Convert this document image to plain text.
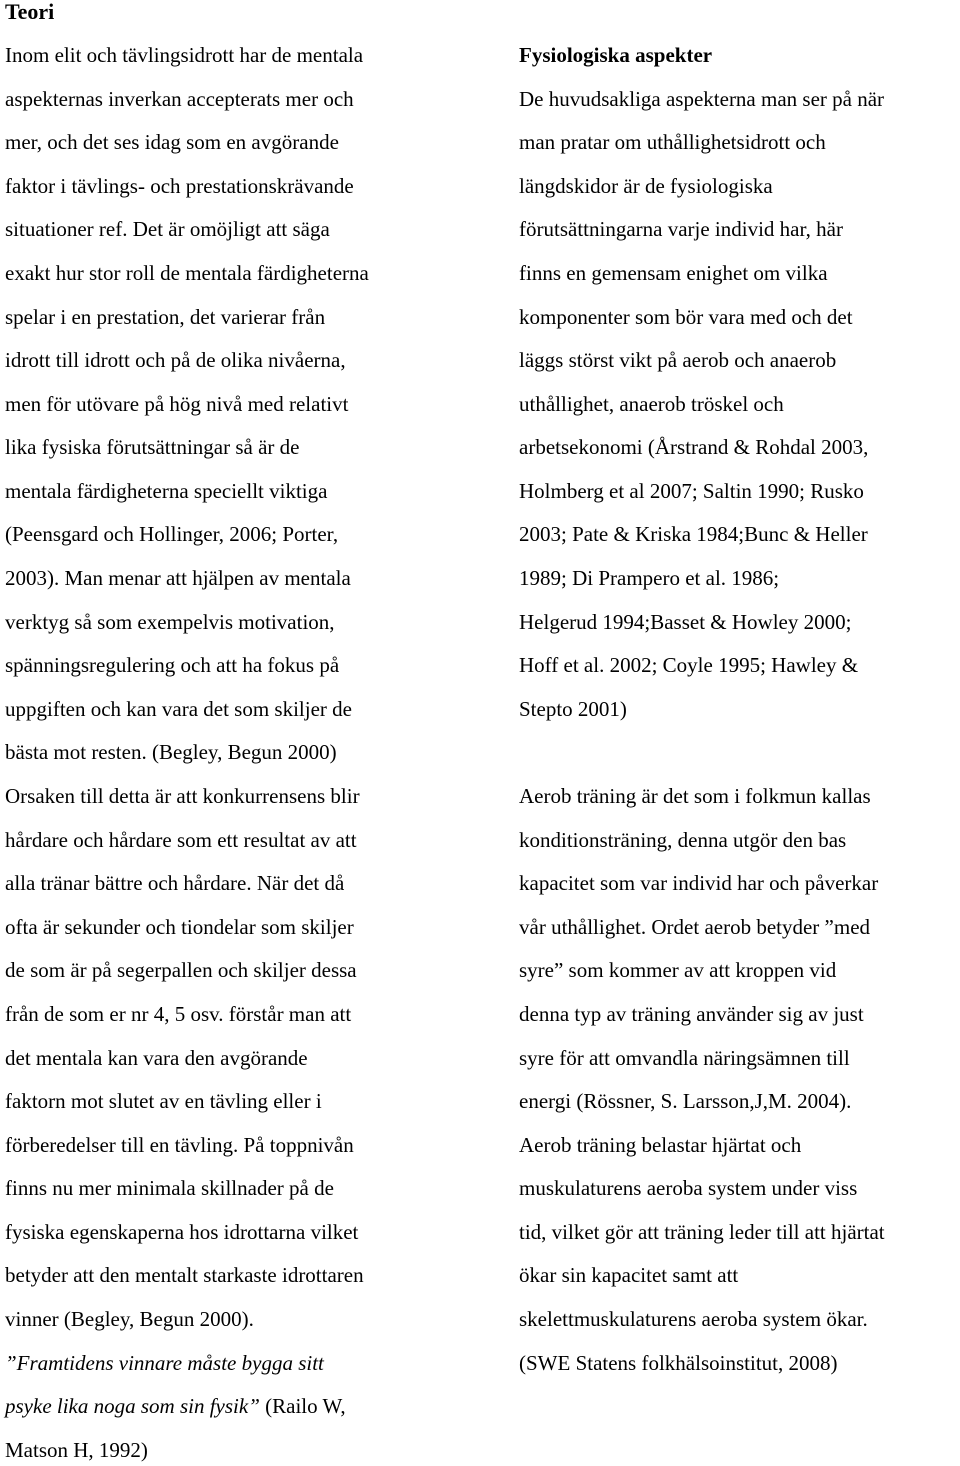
Teori
Inom elit och tävlingsidrott har de mentala
aspekternas inverkan accepterats mer och
mer, och det ses idag som en avgörande
faktor i tävlings- och prestationskrävande
situationer ref. Det är omöjligt att säga
exakt hur stor roll de mentala färdigheterna
spelar i en prestation, det varierar från
idrott till idrott och på de olika nivåerna,
men för utövare på hög nivå med relativt
lika fysiska förutsättningar så är de
mentala färdigheterna speciellt viktiga
(Peensgard och Hollinger, 2006; Porter,
2003). Man menar att hjälpen av mentala
verktyg så som exempelvis motivation,
spänningsregulering och att ha fokus på
uppgiften och kan vara det som skiljer de
bästa mot resten. (Begley, Begun 2000)
Orsaken till detta är att konkurrensens blir
hårdare och hårdare som ett resultat av att
alla tränar bättre och hårdare. När det då
ofta är sekunder och tiondelar som skiljer
de som är på segerpallen och skiljer dessa
från de som er nr 4, 5 osv. förstår man att
det mentala kan vara den avgörande
faktorn mot slutet av en tävling eller i
förberedelser till en tävling. På toppnivån
finns nu mer minimala skillnader på de
fysiska egenskaperna hos idrottarna vilket
betyder att den mentalt starkaste idrottaren
vinner (Begley, Begun 2000).
”Framtidens vinnare måste bygga sitt
psyke lika noga som sin fysik” (Railo W,
Matson H, 1992)
Fysiologiska aspekter
De huvudsakliga aspekterna man ser på när
man pratar om uthållighetsidrott och
längdskidor är de fysiologiska
förutsättningarna varje individ har, här
finns en gemensam enighet om vilka
komponenter som bör vara med och det
läggs störst vikt på aerob och anaerob
uthållighet, anaerob tröskel och
arbetsekonomi (Årstrand & Rohdal 2003,
Holmberg et al 2007; Saltin 1990; Rusko
2003; Pate & Kriska 1984;Bunc & Heller
1989; Di Prampero et al. 1986;
Helgerud 1994;Basset & Howley 2000;
Hoff et al. 2002; Coyle 1995; Hawley &
Stepto 2001)
Aerob träning är det som i folkmun kallas
konditionsträning, denna utgör den bas
kapacitet som var individ har och påverkar
vår uthållighet. Ordet aerob betyder ”med
syre” som kommer av att kroppen vid
denna typ av träning använder sig av just
syre för att omvandla näringsämnen till
energi (Rössner, S. Larsson,J,M. 2004).
Aerob träning belastar hjärtat och
muskulaturens aeroba system under viss
tid, vilket gör att träning leder till att hjärtat
ökar sin kapacitet samt att
skelettmuskulaturens aeroba system ökar.
(SWE Statens folkhälsoinstitut, 2008)
